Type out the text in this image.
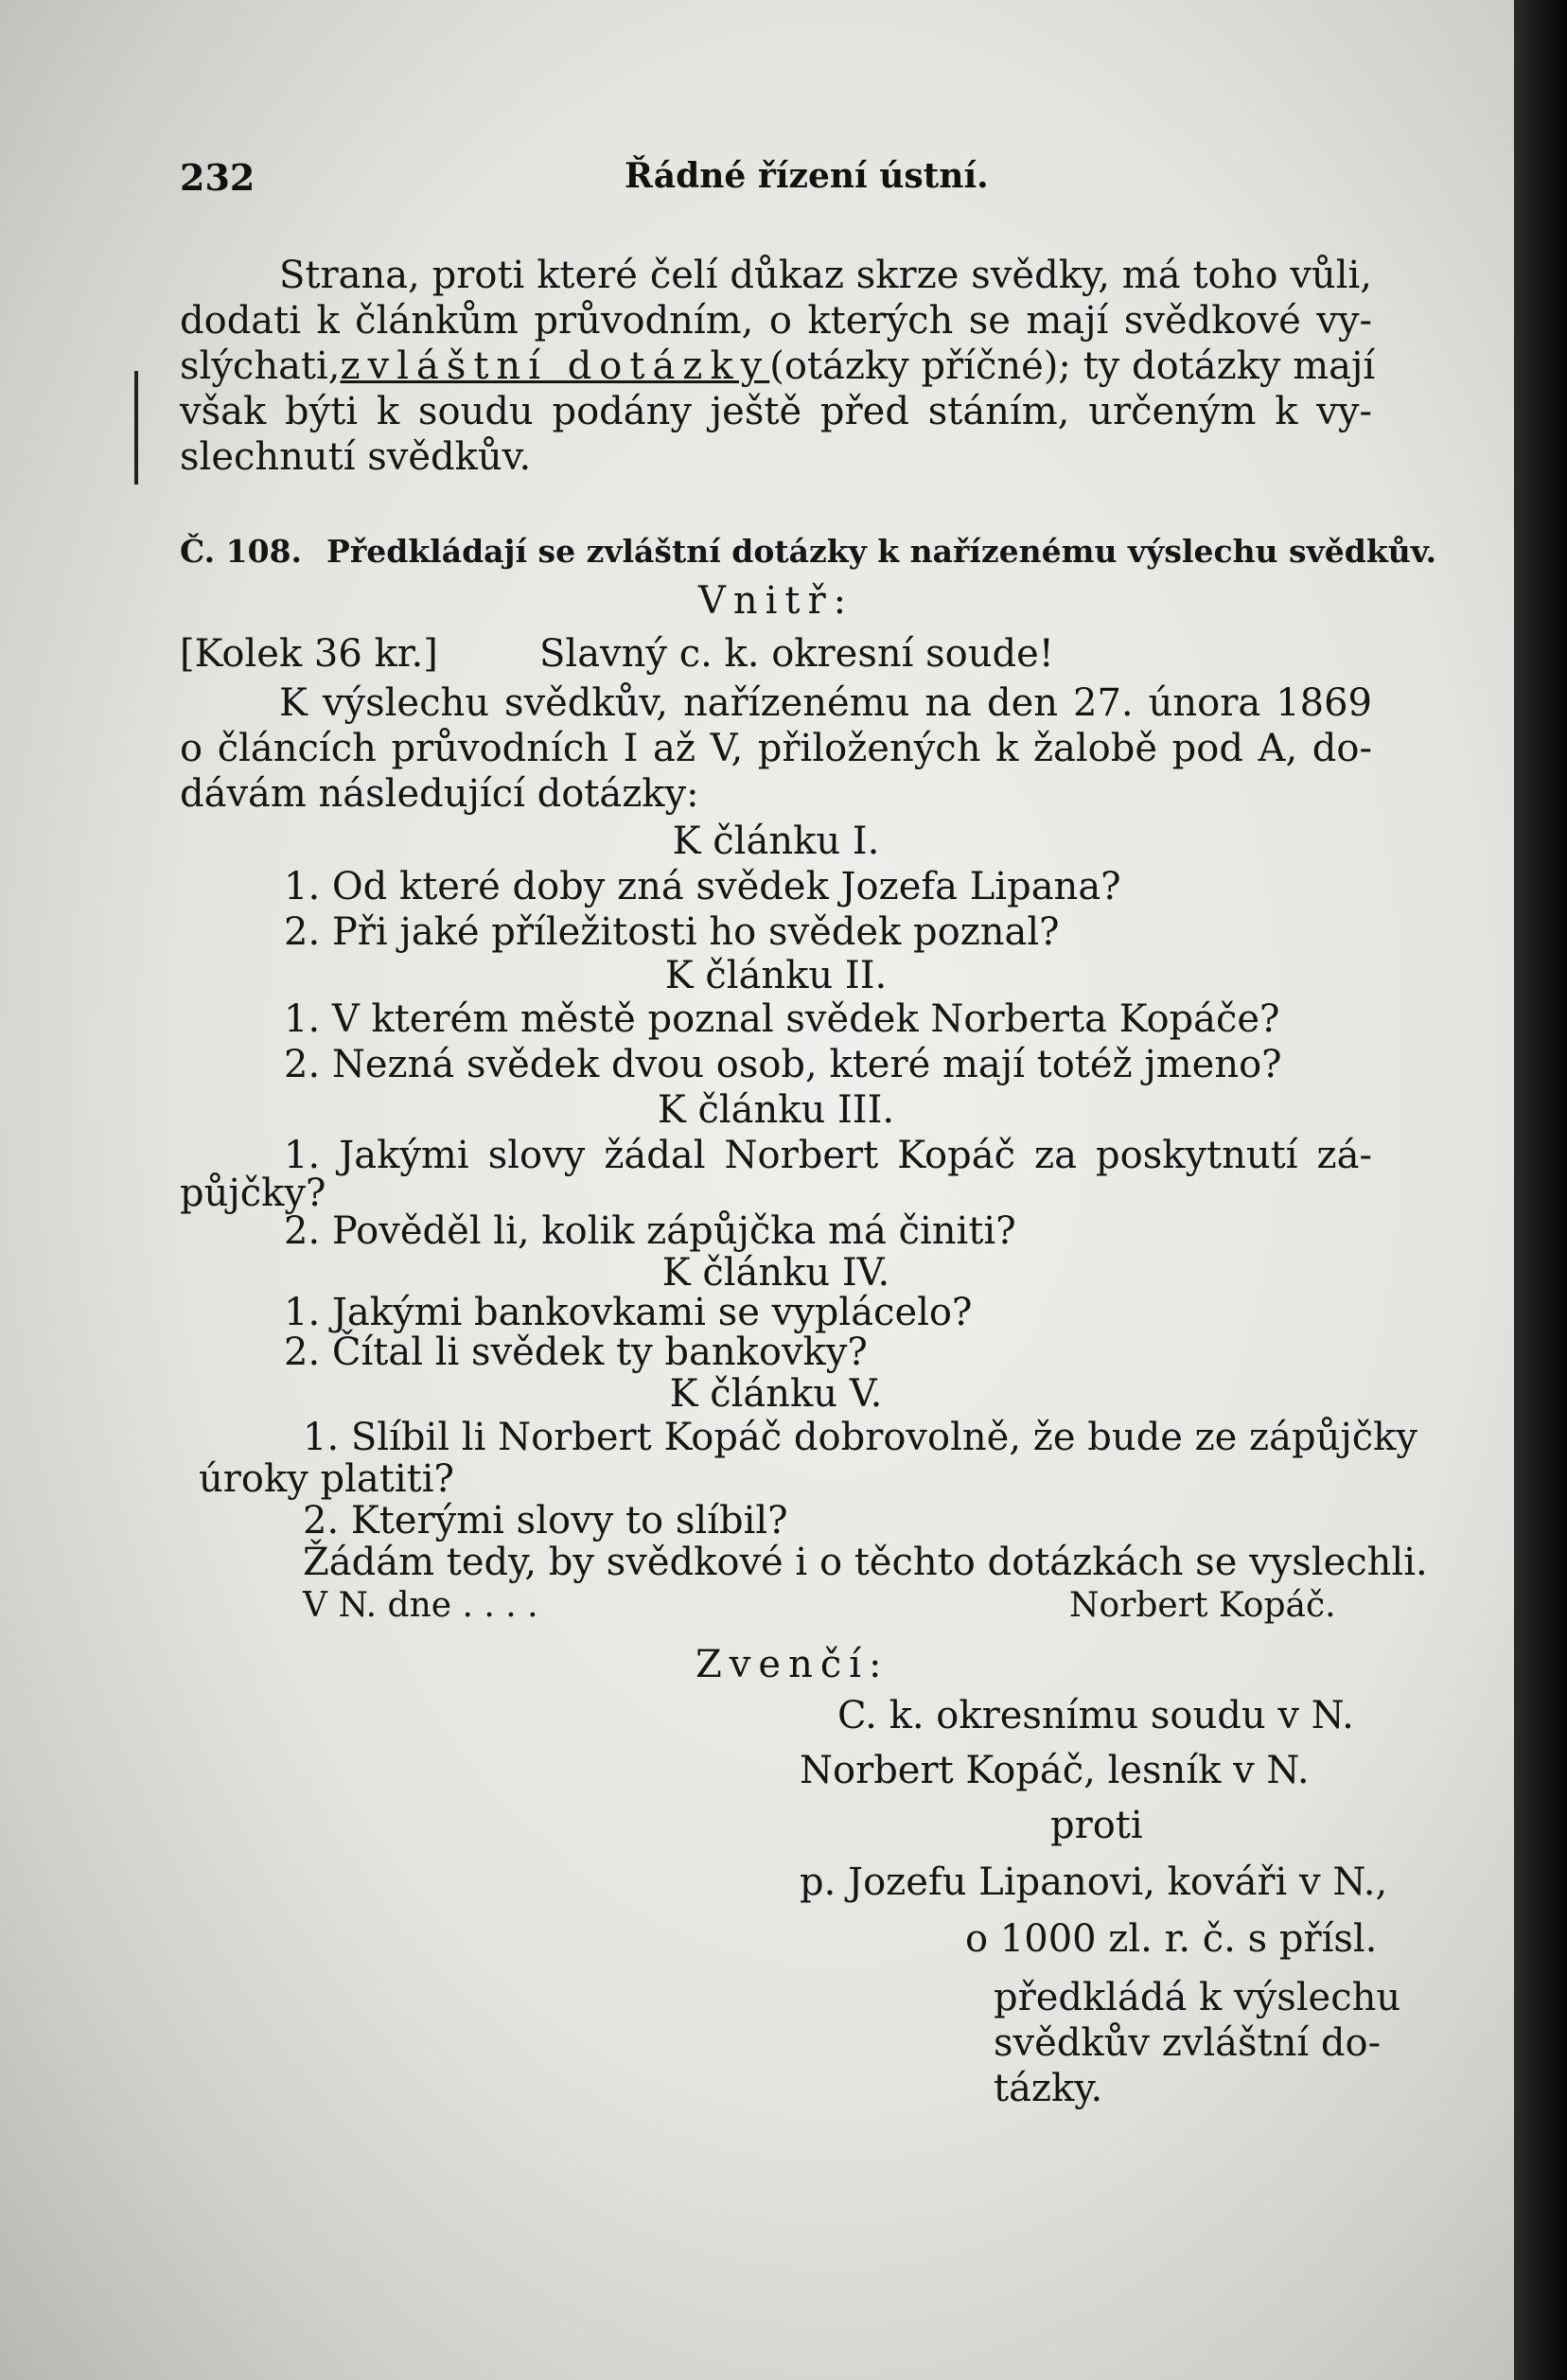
232	Řádné řízení ústní.
Strana, proti které čelí důkaz skrze svědky, má toho vůli,
dodati k článkům průvodním, o kterých se mají svědkové vy-
slýchati, zvláštní dotázky (otázky příčné); ty dotázky mají
však býti k soudu podány ještě před stáním, určeným k vy-
slechnutí svědkův.
Č. 108. Předkládají se zvláštní dotázky k nařízenému výslechu svědkův.
Vnitř:
[Kolek 36 kr.]	Slavný c. k. okresní soude!
K výslechu svědkův, nařízenému na den 27. února 1869
o článcích průvodních I až V, přiložených k žalobě pod A, do-
dávám následující dotázky:
K článku I.
1. Od které doby zná svědek Jozefa Lipana?
2. Při jaké příležitosti ho svědek poznal?
K článku II.
1. V kterém městě poznal svědek Norberta Kopáče?
2. Nezná svědek dvou osob, které mají totéž jmeno?
K článku III.
1. Jakými slovy žádal Norbert Kopáč za poskytnutí zá-
půjčky?
2. Pověděl li, kolik zápůjčka má činiti?
K článku IV.
1. Jakými bankovkami se vyplácelo?
2. Čítal li svědek ty bankovky?
K článku V.
1. Slíbil li Norbert Kopáč dobrovolně, že bude ze zápůjčky
úroky platiti?
2. Kterými slovy to slíbil?
Žádám tedy, by svědkové i o těchto dotázkách se vyslechli.
V N. dne . . . .	Norbert Kopáč.
Zvenčí:
C. k. okresnímu soudu v N.
Norbert Kopáč, lesník v N.
proti
p. Jozefu Lipanovi, kováři v N.,
o 1000 zl. r. č. s přísl.
předkládá k výslechu
svědkův zvláštní do-
tázky.
